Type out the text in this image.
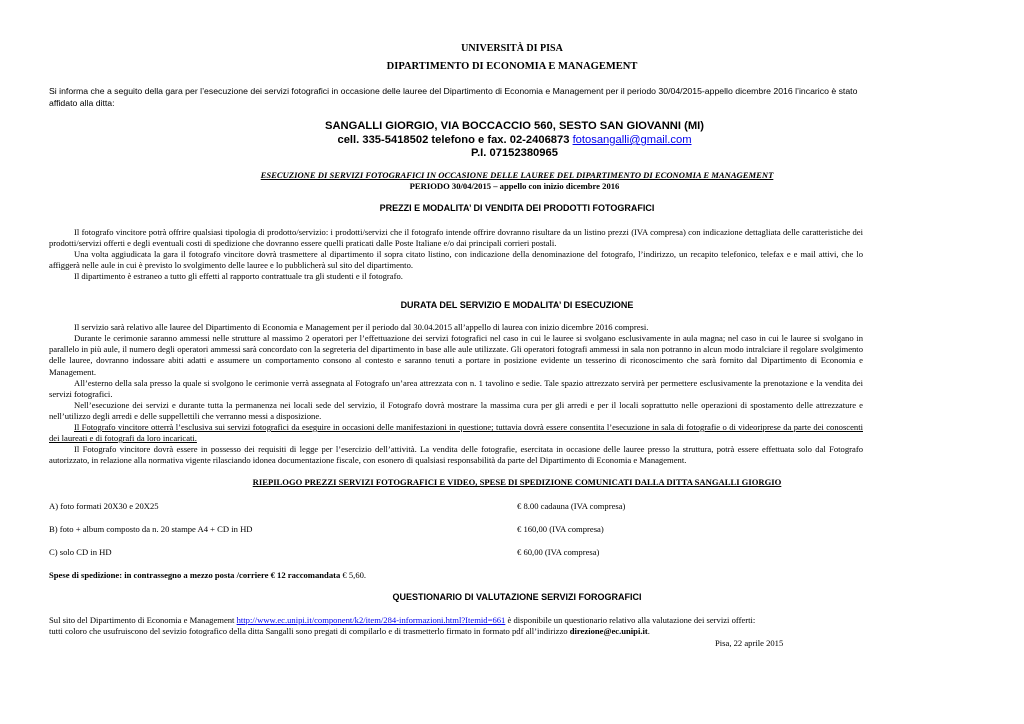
UNIVERSITÀ DI PISA
DIPARTIMENTO DI ECONOMIA E MANAGEMENT
Si informa che a seguito della gara per l’esecuzione dei servizi fotografici in occasione delle lauree del Dipartimento di Economia e Management per il periodo 30/04/2015-appello dicembre 2016 l’incarico è stato affidato alla ditta:
SANGALLI GIORGIO, VIA BOCCACCIO 560, SESTO SAN GIOVANNI (MI)
cell. 335-5418502 telefono e fax. 02-2406873 fotosangalli@gmail.com
P.I. 07152380965
ESECUZIONE DI SERVIZI FOTOGRAFICI IN OCCASIONE DELLE LAUREE DEL DIPARTIMENTO DI ECONOMIA E MANAGEMENT
PERIODO 30/04/2015 – appello con inizio dicembre 2016
PREZZI E MODALITA’ DI VENDITA DEI PRODOTTI FOTOGRAFICI
Il fotografo vincitore potrà offrire qualsiasi tipologia di prodotto/servizio: i prodotti/servizi che il fotografo intende offrire dovranno risultare da un listino prezzi (IVA compresa) con indicazione dettagliata delle caratteristiche dei prodotti/servizi offerti e degli eventuali costi di spedizione che dovranno essere quelli praticati dalle Poste Italiane e/o dai principali corrieri postali.
Una volta aggiudicata la gara il fotografo vincitore dovrà trasmettere al dipartimento il sopra citato listino, con indicazione della denominazione del fotografo, l’indirizzo, un recapito telefonico, telefax e e mail attivi, che lo affiggerà nelle aule in cui è previsto lo svolgimento delle lauree e lo pubblicherà sul sito del dipartimento.
Il dipartimento è estraneo a tutto gli effetti al rapporto contrattuale tra gli studenti e il fotografo.
DURATA DEL SERVIZIO E MODALITA’ DI ESECUZIONE
Il servizio sarà relativo alle lauree del Dipartimento di Economia e Management per il periodo dal 30.04.2015 all’appello di laurea con inizio dicembre 2016 compresi.
Durante le cerimonie saranno ammessi nelle strutture al massimo 2 operatori per l’effettuazione dei servizi fotografici nel caso in cui le lauree si svolgano esclusivamente in aula magna; nel caso in cui le lauree si svolgano in parallelo in più aule, il numero degli operatori ammessi sarà concordato con la segreteria del dipartimento in base alle aule utilizzate. Gli operatori fotografi ammessi in sala non potranno in alcun modo intralciare il regolare svolgimento delle lauree, dovranno indossare abiti adatti e assumere un comportamento consono al contesto e saranno tenuti a portare in posizione evidente un tesserino di riconoscimento che sarà fornito dal Dipartimento di Economia e Management.
All’esterno della sala presso la quale si svolgono le cerimonie verrà assegnata al Fotografo un’area attrezzata con n. 1 tavolino e sedie. Tale spazio attrezzato servirà per permettere esclusivamente la prenotazione e la vendita dei servizi fotografici.
Nell’esecuzione dei servizi e durante tutta la permanenza nei locali sede del servizio, il Fotografo dovrà mostrare la massima cura per gli arredi e per il locali soprattutto nelle operazioni di spostamento delle attrezzature e nell’utilizzo degli arredi e delle suppellettili che verranno messi a disposizione.
Il Fotografo vincitore otterrà l’esclusiva sui servizi fotografici da eseguire in occasioni delle manifestazioni in questione; tuttavia dovrà essere consentita l’esecuzione in sala di fotografie o di videoriprese da parte dei conoscenti dei laureati e di fotografi da loro incaricati.
Il Fotografo vincitore dovrà essere in possesso dei requisiti di legge per l’esercizio dell’attività. La vendita delle fotografie, esercitata in occasione delle lauree presso la struttura, potrà essere effettuata solo dal Fotografo autorizzato, in relazione alla normativa vigente rilasciando idonea documentazione fiscale, con esonero di qualsiasi responsabilità da parte del Dipartimento di Economia e Management.
RIEPILOGO PREZZI SERVIZI FOTOGRAFICI E VIDEO, SPESE DI SPEDIZIONE COMUNICATI DALLA DITTA SANGALLI GIORGIO
A) foto formati 20X30 e 20X25	€ 8.00 cadauna (IVA compresa)
B) foto + album composto da n. 20 stampe A4 + CD in HD	€ 160,00 (IVA compresa)
C) solo CD in HD	€ 60,00 (IVA compresa)
Spese di spedizione: in contrassegno a mezzo posta /corriere € 12 raccomandata € 5,60.
QUESTIONARIO DI VALUTAZIONE SERVIZI FOROGRAFICI
Sul sito del Dipartimento di Economia e Management http://www.ec.unipi.it/component/k2/item/284-informazioni.html?Itemid=661 è disponibile un questionario relativo alla valutazione dei servizi offerti:
tutti coloro che usufruiscono del sevizio fotografico della ditta Sangalli sono pregati di compilarlo e di trasmetterlo firmato in formato pdf all’indirizzo direzione@ec.unipi.it.
Pisa, 22 aprile 2015
